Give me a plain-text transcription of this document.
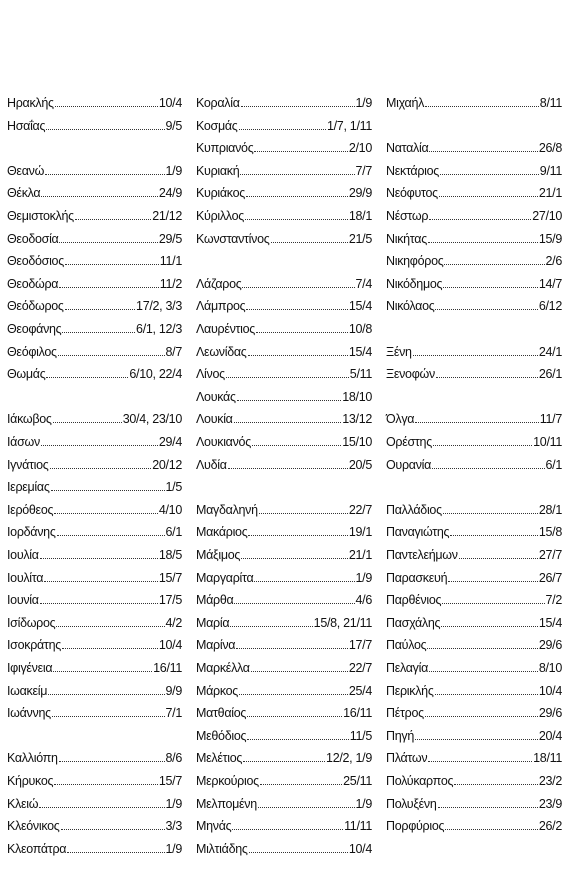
Ηρακλής	10/4
Ησαΐας	9/5
Θεανώ	1/9
Θέκλα	24/9
Θεμιστοκλής	21/12
Θεοδοσία	29/5
Θεοδόσιος	11/1
Θεοδώρα	11/2
Θεόδωρος	17/2, 3/3
Θεοφάνης	6/1, 12/3
Θεόφιλος	8/7
Θωμάς	6/10, 22/4
Ιάκωβος	30/4, 23/10
Ιάσων	29/4
Ιγνάτιος	20/12
Ιερεμίας	1/5
Ιερόθεος	4/10
Ιορδάνης	6/1
Ιουλία	18/5
Ιουλίτα	15/7
Ιουνία	17/5
Ισίδωρος	4/2
Ισοκράτης	10/4
Ιφιγένεια	16/11
Ιωακείμ	9/9
Ιωάννης	7/1
Καλλιόπη	8/6
Κήρυκος	15/7
Κλειώ	1/9
Κλεόνικος	3/3
Κλεοπάτρα	1/9
Κοραλία	1/9
Κοσμάς	1/7, 1/11
Κυπριανός	2/10
Κυριακή	7/7
Κυριάκος	29/9
Κύριλλος	18/1
Κωνσταντίνος	21/5
Λάζαρος	7/4
Λάμπρος	15/4
Λαυρέντιος	10/8
Λεωνίδας	15/4
Λίνος	5/11
Λουκάς	18/10
Λουκία	13/12
Λουκιανός	15/10
Λυδία	20/5
Μαγδαληνή	22/7
Μακάριος	19/1
Μάξιμος	21/1
Μαργαρίτα	1/9
Μάρθα	4/6
Μαρία	15/8, 21/11
Μαρίνα	17/7
Μαρκέλλα	22/7
Μάρκος	25/4
Ματθαίος	16/11
Μεθόδιος	11/5
Μελέτιος	12/2, 1/9
Μερκούριος	25/11
Μελπομένη	1/9
Μηνάς	11/11
Μιλτιάδης	10/4
Μιχαήλ	8/11
Ναταλία	26/8
Νεκτάριος	9/11
Νεόφυτος	21/1
Νέστωρ	27/10
Νικήτας	15/9
Νικηφόρος	2/6
Νικόδημος	14/7
Νικόλαος	6/12
Ξένη	24/1
Ξενοφών	26/1
Όλγα	11/7
Ορέστης	10/11
Ουρανία	6/1
Παλλάδιος	28/1
Παναγιώτης	15/8
Παντελεήμων	27/7
Παρασκευή	26/7
Παρθένιος	7/2
Πασχάλης	15/4
Παύλος	29/6
Πελαγία	8/10
Περικλής	10/4
Πέτρος	29/6
Πηγή	20/4
Πλάτων	18/11
Πολύκαρπος	23/2
Πολυξένη	23/9
Πορφύριος	26/2
